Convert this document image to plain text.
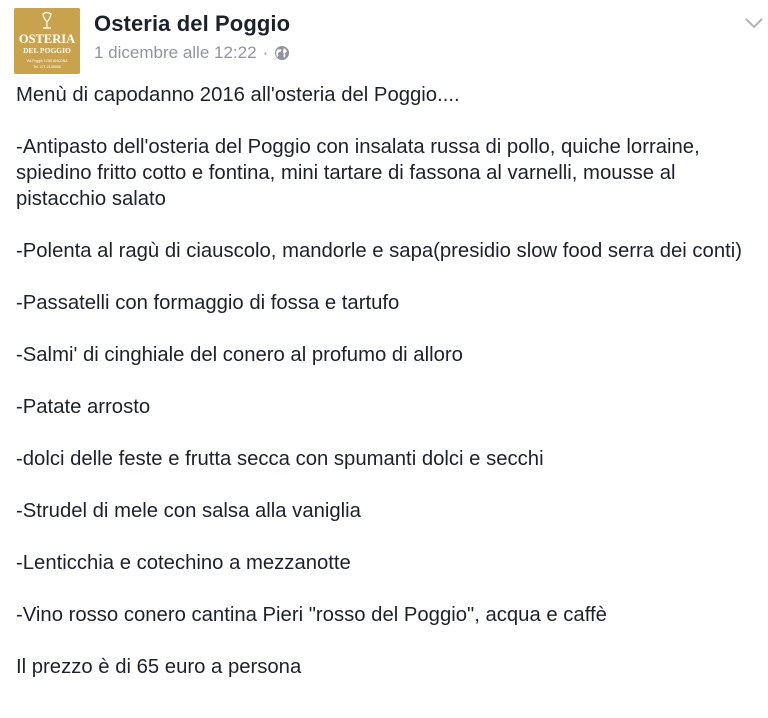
OSTERIA
DEL POGGIO
Via Poggio 173/0 ANCONA
Tel. 071 2139908
Osteria del Poggio
1 dicembre alle 12:22 ·

Menù di capodanno 2016 all'osteria del Poggio....

-Antipasto dell'osteria del Poggio con insalata russa di pollo, quiche lorraine, spiedino fritto cotto e fontina, mini tartare di fassona al varnelli, mousse al pistacchio salato

-Polenta al ragù di ciauscolo, mandorle e sapa(presidio slow food serra dei conti)

-Passatelli con formaggio di fossa e tartufo

-Salmi' di cinghiale del conero al profumo di alloro

-Patate arrosto

-dolci delle feste e frutta secca con spumanti dolci e secchi

-Strudel di mele con salsa alla vaniglia

-Lenticchia e cotechino a mezzanotte

-Vino rosso conero cantina Pieri "rosso del Poggio", acqua e caffè

Il prezzo è di 65 euro a persona
